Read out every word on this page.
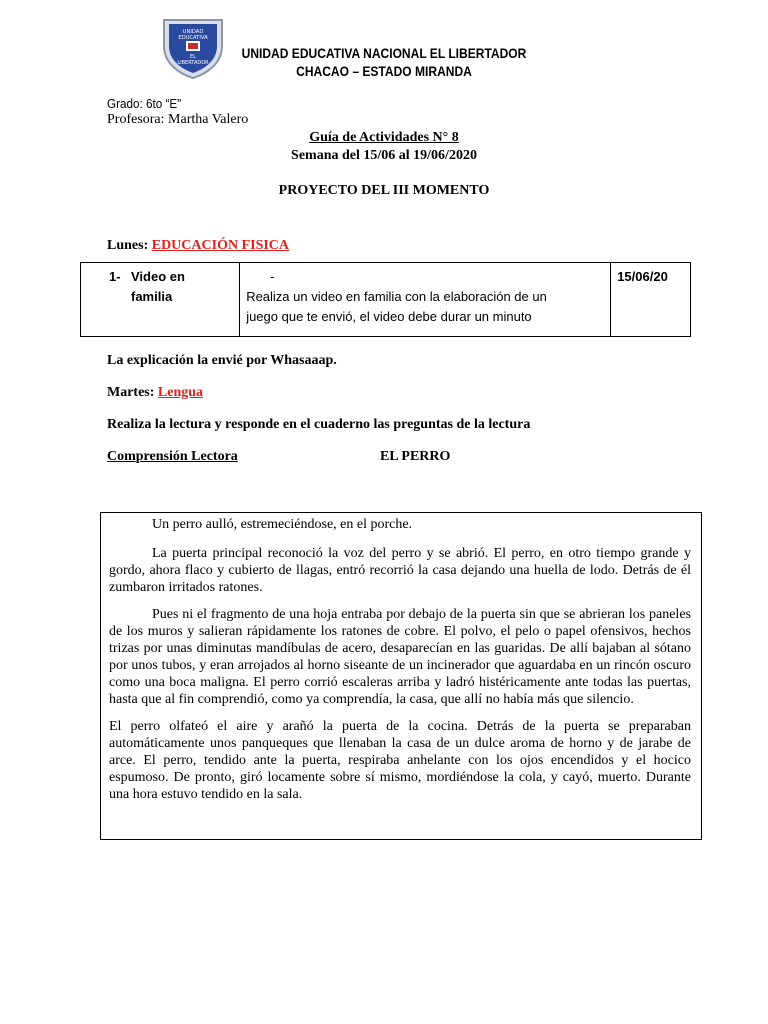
UNIDAD
EDUCATIVA
EL
LIBERTADOR
UNIDAD EDUCATIVA NACIONAL EL LIBERTADOR
CHACAO – ESTADO MIRANDA
Grado: 6to “E”
Profesora: Martha Valero
Guía de Actividades N° 8
Semana del 15/06 al 19/06/2020
PROYECTO DEL III MOMENTO
Lunes: EDUCACIÓN FISICA
1- Video en familia	-Realiza un video en familia con la elaboración de un juego que te envió, el video debe durar un minuto	15/06/20
La explicación la envié por Whasaaap.
Martes: Lengua
Realiza la lectura y responde en el cuaderno las preguntas de la lectura
Comprensión Lectora	EL PERRO

Un perro aulló, estremeciéndose, en el porche.

La puerta principal reconoció la voz del perro y se abrió. El perro, en otro tiempo grande y gordo, ahora flaco y cubierto de llagas, entró recorrió la casa dejando una huella de lodo. Detrás de él zumbaron irritados ratones.

Pues ni el fragmento de una hoja entraba por debajo de la puerta sin que se abrieran los paneles de los muros y salieran rápidamente los ratones de cobre. El polvo, el pelo o papel ofensivos, hechos trizas por unas diminutas mandíbulas de acero, desaparecían en las guaridas. De allí bajaban al sótano por unos tubos, y eran arrojados al horno siseante de un incinerador que aguardaba en un rincón oscuro como una boca maligna. El perro corrió escaleras arriba y ladró histéricamente ante todas las puertas, hasta que al fin comprendió, como ya comprendía, la casa, que allí no había más que silencio.

El perro olfateó el aire y arañó la puerta de la cocina. Detrás de la puerta se preparaban automáticamente unos panqueques que llenaban la casa de un dulce aroma de horno y de jarabe de arce. El perro, tendido ante la puerta, respiraba anhelante con los ojos encendidos y el hocico espumoso. De pronto, giró locamente sobre sí mismo, mordiéndose la cola, y cayó, muerto. Durante una hora estuvo tendido en la sala.
